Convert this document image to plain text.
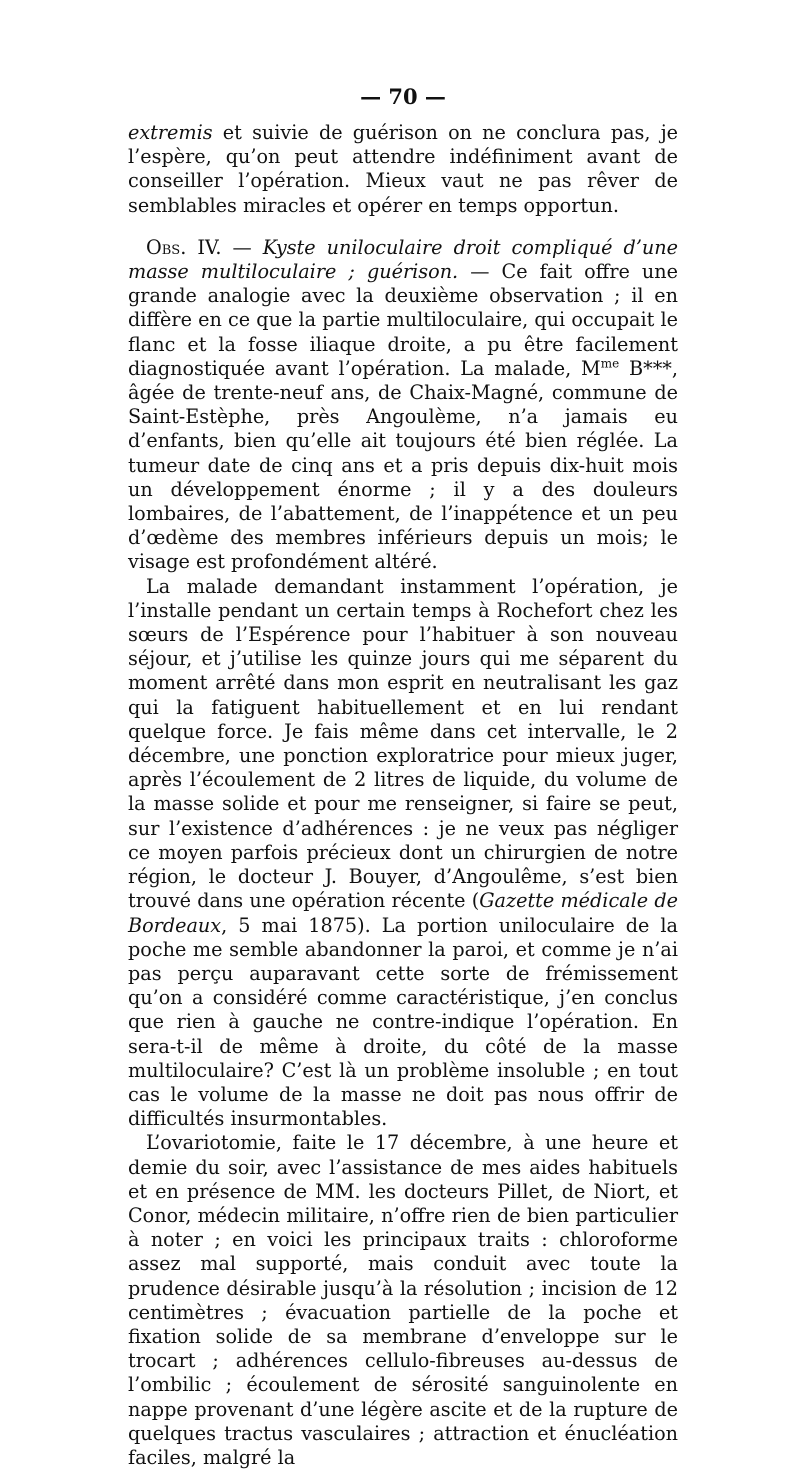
— 70 —

extremis et suivie de guérison on ne conclura pas, je l’espère, qu’on peut attendre indéfiniment avant de conseiller l’opération. Mieux vaut ne pas rêver de semblables miracles et opérer en temps opportun.

Obs. IV. — Kyste uniloculaire droit compliqué d’une masse multiloculaire ; guérison. — Ce fait offre une grande analogie avec la deuxième observation ; il en diffère en ce que la partie multiloculaire, qui occupait le flanc et la fosse iliaque droite, a pu être facilement diagnostiquée avant l’opération. La malade, $M^{me}$ B***, âgée de trente-neuf ans, de Chaix-Magné, commune de Saint-Estèphe, près Angoulème, n’a jamais eu d’enfants, bien qu’elle ait toujours été bien réglée. La tumeur date de cinq ans et a pris depuis dix-huit mois un développement énorme ; il y a des douleurs lombaires, de l’abattement, de l’inappétence et un peu d’œdème des membres inférieurs depuis un mois; le visage est profondément altéré.

La malade demandant instamment l’opération, je l’installe pendant un certain temps à Rochefort chez les sœurs de l’Espérence pour l’habituer à son nouveau séjour, et j’utilise les quinze jours qui me séparent du moment arrêté dans mon esprit en neutralisant les gaz qui la fatiguent habituellement et en lui rendant quelque force. Je fais même dans cet intervalle, le 2 décembre, une ponction exploratrice pour mieux juger, après l’écoulement de 2 litres de liquide, du volume de la masse solide et pour me renseigner, si faire se peut, sur l’existence d’adhérences : je ne veux pas négliger ce moyen parfois précieux dont un chirurgien de notre région, le docteur J. Bouyer, d’Angoulême, s’est bien trouvé dans une opération récente (Gazette médicale de Bordeaux, 5 mai 1875). La portion uniloculaire de la poche me semble abandonner la paroi, et comme je n’ai pas perçu auparavant cette sorte de frémissement qu’on a considéré comme caractéristique, j’en conclus que rien à gauche ne contre-indique l’opération. En sera-t-il de même à droite, du côté de la masse multiloculaire? C’est là un problème insoluble ; en tout cas le volume de la masse ne doit pas nous offrir de difficultés insurmontables.

L’ovariotomie, faite le 17 décembre, à une heure et demie du soir, avec l’assistance de mes aides habituels et en présence de MM. les docteurs Pillet, de Niort, et Conor, médecin militaire, n’offre rien de bien particulier à noter ; en voici les principaux traits : chloroforme assez mal supporté, mais conduit avec toute la prudence désirable jusqu’à la résolution ; incision de 12 centimètres ; évacuation partielle de la poche et fixation solide de sa membrane d’enveloppe sur le trocart ; adhérences cellulo-fibreuses au-dessus de l’ombilic ; écoulement de sérosité sanguinolente en nappe provenant d’une légère ascite et de la rupture de quelques tractus vasculaires ; attraction et énucléation faciles, malgré la
